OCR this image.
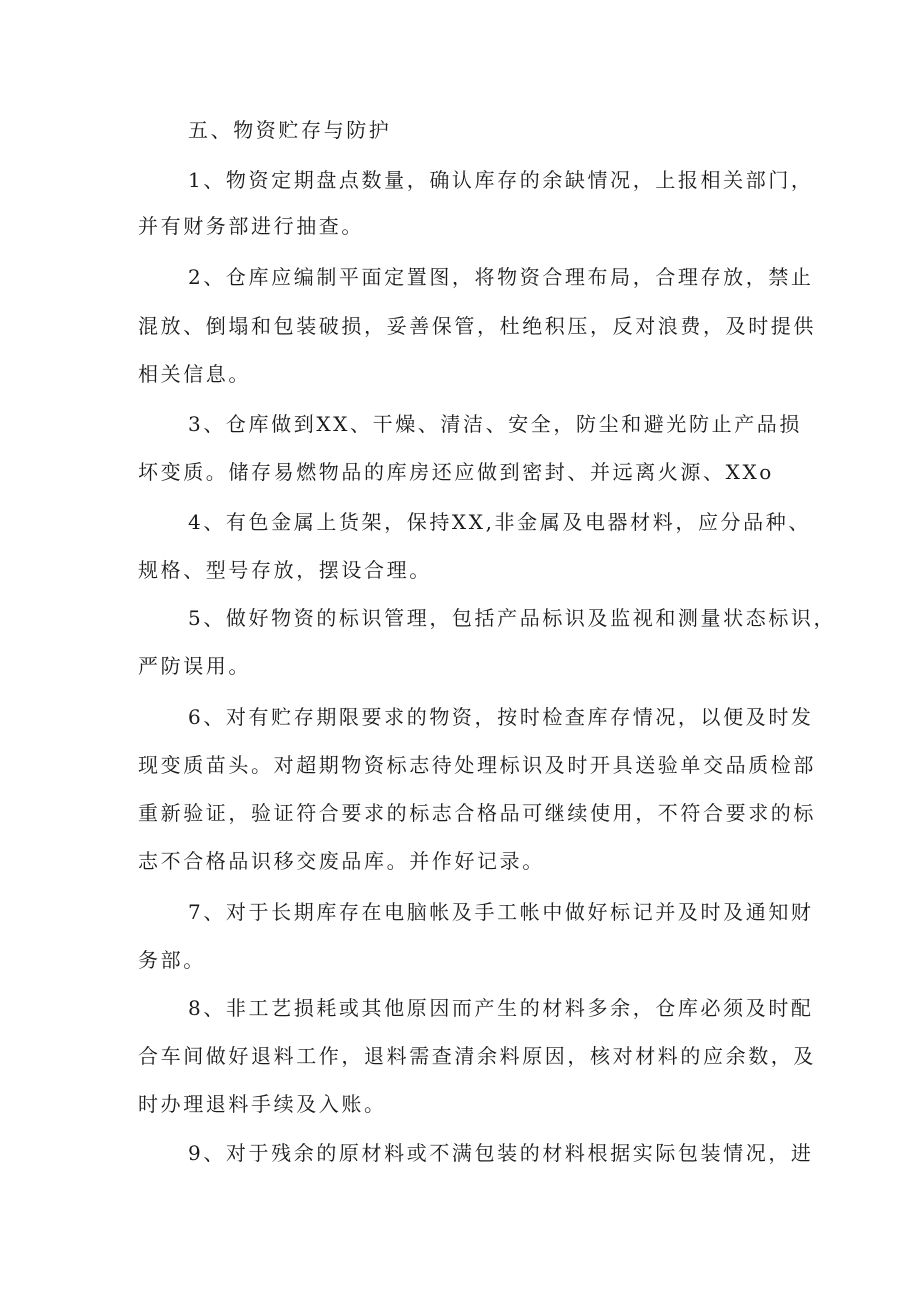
五、物资贮存与防护
1、物资定期盘点数量，确认库存的余缺情况，上报相关部门，
并有财务部进行抽查。
2、仓库应编制平面定置图，将物资合理布局，合理存放，禁止
混放、倒塌和包装破损，妥善保管，杜绝积压，反对浪费，及时提供
相关信息。
3、仓库做到XX、干燥、清洁、安全，防尘和避光防止产品损
坏变质。储存易燃物品的库房还应做到密封、并远离火源、XXo
4、有色金属上货架，保持XX,非金属及电器材料，应分品种、
规格、型号存放，摆设合理。
5、做好物资的标识管理，包括产品标识及监视和测量状态标识，
严防误用。
6、对有贮存期限要求的物资，按时检查库存情况，以便及时发
现变质苗头。对超期物资标志待处理标识及时开具送验单交品质检部
重新验证，验证符合要求的标志合格品可继续使用，不符合要求的标
志不合格品识移交废品库。并作好记录。
7、对于长期库存在电脑帐及手工帐中做好标记并及时及通知财
务部。
8、非工艺损耗或其他原因而产生的材料多余，仓库必须及时配
合车间做好退料工作，退料需查清余料原因，核对材料的应余数，及
时办理退料手续及入账。
9、对于残余的原材料或不满包装的材料根据实际包装情况，进
